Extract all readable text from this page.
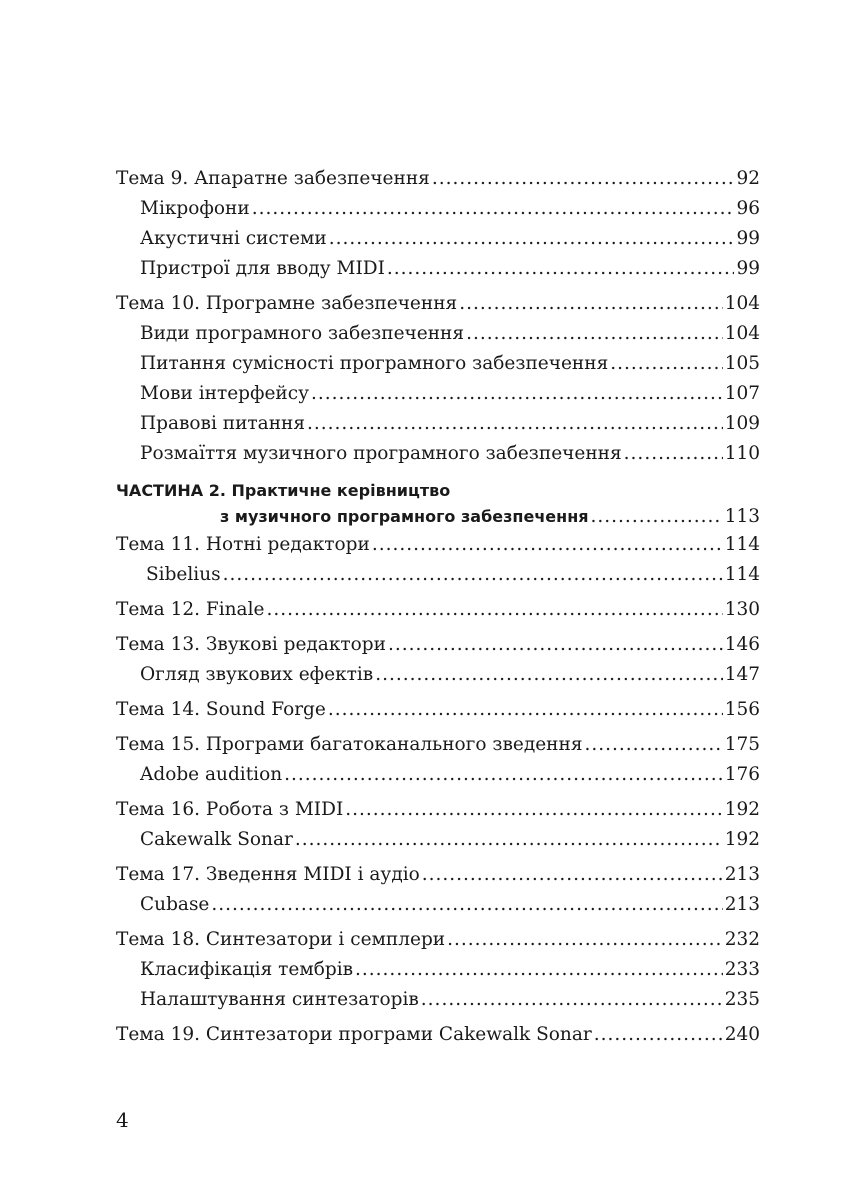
Тема 9. Апаратне забезпечення .....	92
Мікрофони .....	96
Акустичні системи .....	99
Пристрої для вводу MIDI .....	99
Тема 10. Програмне забезпечення .....	104
Види програмного забезпечення .....	104
Питання сумісності програмного забезпечення .....	105
Мови інтерфейсу .....	107
Правові питання .....	109
Розмаїття музичного програмного забезпечення .....	110
ЧАСТИНА 2. Практичне керівництво
з музичного програмного забезпечення .....	113
Тема 11. Нотні редактори .....	114
Sibelius .....	114
Тема 12. Finale .....	130
Тема 13. Звукові редактори .....	146
Огляд звукових ефектів .....	147
Тема 14. Sound Forge .....	156
Тема 15. Програми багатоканального зведення .....	175
Adobe audition .....	176
Тема 16. Робота з MIDI .....	192
Cakewalk Sonar .....	192
Тема 17. Зведення MIDI і аудіо .....	213
Cubase .....	213
Тема 18. Синтезатори і семплери .....	232
Класифікація тембрів .....	233
Налаштування синтезаторів .....	235
Тема 19. Синтезатори програми Cakewalk Sonar .....	240
4
